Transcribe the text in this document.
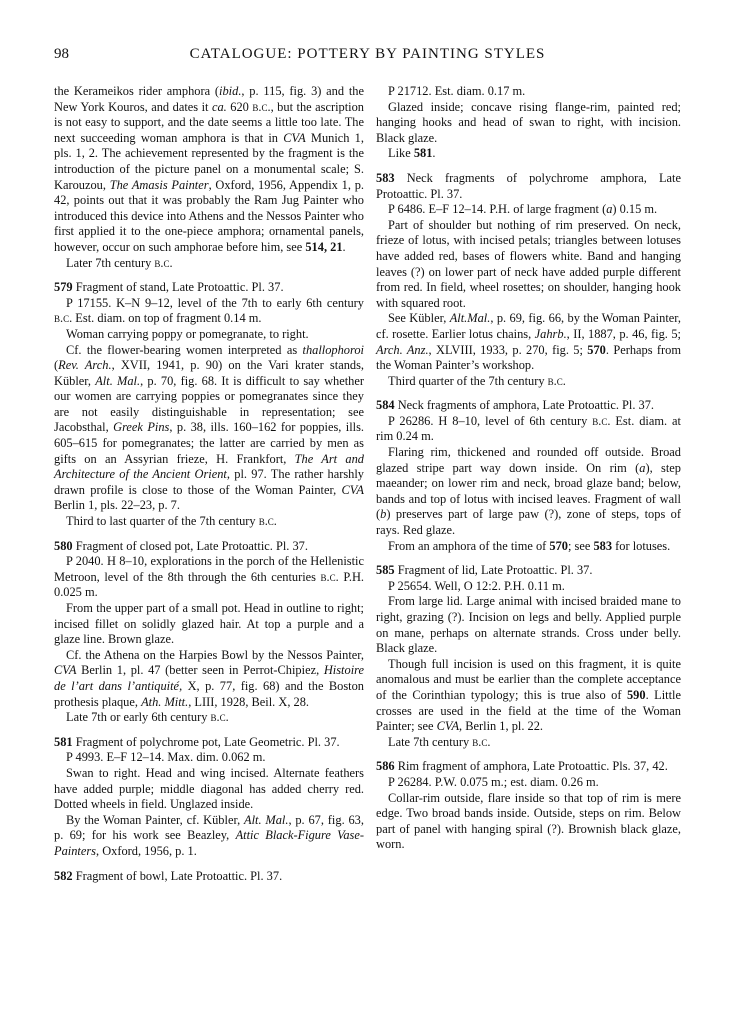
98	CATALOGUE: POTTERY BY PAINTING STYLES

the Kerameikos rider amphora (ibid., p. 115, fig. 3) and the New York Kouros, and dates it ca. 620 b.c., but the ascription is not easy to support, and the date seems a little too late. The next succeeding woman amphora is that in CVA Munich 1, pls. 1, 2. The achievement represented by the fragment is the introduction of the picture panel on a monumental scale; S. Karouzou, The Amasis Painter, Oxford, 1956, Appendix 1, p. 42, points out that it was probably the Ram Jug Painter who introduced this device into Athens and the Nessos Painter who first applied it to the one-piece amphora; ornamental panels, however, occur on such amphorae before him, see 514, 21.

Later 7th century b.c.

579 Fragment of stand, Late Protoattic. Pl. 37.

P 17155. K–N 9–12, level of the 7th to early 6th century b.c. Est. diam. on top of fragment 0.14 m.

Woman carrying poppy or pomegranate, to right.

Cf. the flower-bearing women interpreted as thallophoroi (Rev. Arch., XVII, 1941, p. 90) on the Vari krater stands, Kübler, Alt. Mal., p. 70, fig. 68. It is difficult to say whether our women are carrying poppies or pomegranates since they are not easily distinguishable in representation; see Jacobsthal, Greek Pins, p. 38, ills. 160–162 for poppies, ills. 605–615 for pomegranates; the latter are carried by men as gifts on an Assyrian frieze, H. Frankfort, The Art and Architecture of the Ancient Orient, pl. 97. The rather harshly drawn profile is close to those of the Woman Painter, CVA Berlin 1, pls. 22–23, p. 7.

Third to last quarter of the 7th century b.c.

580 Fragment of closed pot, Late Protoattic. Pl. 37.

P 2040. H 8–10, explorations in the porch of the Hellenistic Metroon, level of the 8th through the 6th centuries b.c. P.H. 0.025 m.

From the upper part of a small pot. Head in outline to right; incised fillet on solidly glazed hair. At top a purple and a glaze line. Brown glaze.

Cf. the Athena on the Harpies Bowl by the Nessos Painter, CVA Berlin 1, pl. 47 (better seen in Perrot-Chipiez, Histoire de l’art dans l’antiquité, X, p. 77, fig. 68) and the Boston prothesis plaque, Ath. Mitt., LIII, 1928, Beil. X, 28.

Late 7th or early 6th century b.c.

581 Fragment of polychrome pot, Late Geometric. Pl. 37.

P 4993. E–F 12–14. Max. dim. 0.062 m.

Swan to right. Head and wing incised. Alternate feathers have added purple; middle diagonal has added cherry red. Dotted wheels in field. Unglazed inside.

By the Woman Painter, cf. Kübler, Alt. Mal., p. 67, fig. 63, p. 69; for his work see Beazley, Attic Black-Figure Vase-Painters, Oxford, 1956, p. 1.

582 Fragment of bowl, Late Protoattic. Pl. 37.

P 21712. Est. diam. 0.17 m.

Glazed inside; concave rising flange-rim, painted red; hanging hooks and head of swan to right, with incision. Black glaze.

Like 581.

583 Neck fragments of polychrome amphora, Late Protoattic. Pl. 37.

P 6486. E–F 12–14. P.H. of large fragment (a) 0.15 m.

Part of shoulder but nothing of rim preserved. On neck, frieze of lotus, with incised petals; triangles between lotuses have added red, bases of flowers white. Band and hanging leaves (?) on lower part of neck have added purple different from red. In field, wheel rosettes; on shoulder, hanging hook with squared root.

See Kübler, Alt.Mal., p. 69, fig. 66, by the Woman Painter, cf. rosette. Earlier lotus chains, Jahrb., II, 1887, p. 46, fig. 5; Arch. Anz., XLVIII, 1933, p. 270, fig. 5; 570. Perhaps from the Woman Painter’s workshop.

Third quarter of the 7th century b.c.

584 Neck fragments of amphora, Late Protoattic. Pl. 37.

P 26286. H 8–10, level of 6th century b.c. Est. diam. at rim 0.24 m.

Flaring rim, thickened and rounded off outside. Broad glazed stripe part way down inside. On rim (a), step maeander; on lower rim and neck, broad glaze band; below, bands and top of lotus with incised leaves. Fragment of wall (b) preserves part of large paw (?), zone of steps, tops of rays. Red glaze.

From an amphora of the time of 570; see 583 for lotuses.

585 Fragment of lid, Late Protoattic. Pl. 37.

P 25654. Well, O 12:2. P.H. 0.11 m.

From large lid. Large animal with incised braided mane to right, grazing (?). Incision on legs and belly. Applied purple on mane, perhaps on alternate strands. Cross under belly. Black glaze.

Though full incision is used on this fragment, it is quite anomalous and must be earlier than the complete acceptance of the Corinthian typology; this is true also of 590. Little crosses are used in the field at the time of the Woman Painter; see CVA, Berlin 1, pl. 22.

Late 7th century b.c.

586 Rim fragment of amphora, Late Protoattic. Pls. 37, 42.

P 26284. P.W. 0.075 m.; est. diam. 0.26 m.

Collar-rim outside, flare inside so that top of rim is mere edge. Two broad bands inside. Outside, steps on rim. Below part of panel with hanging spiral (?). Brownish black glaze, worn.
